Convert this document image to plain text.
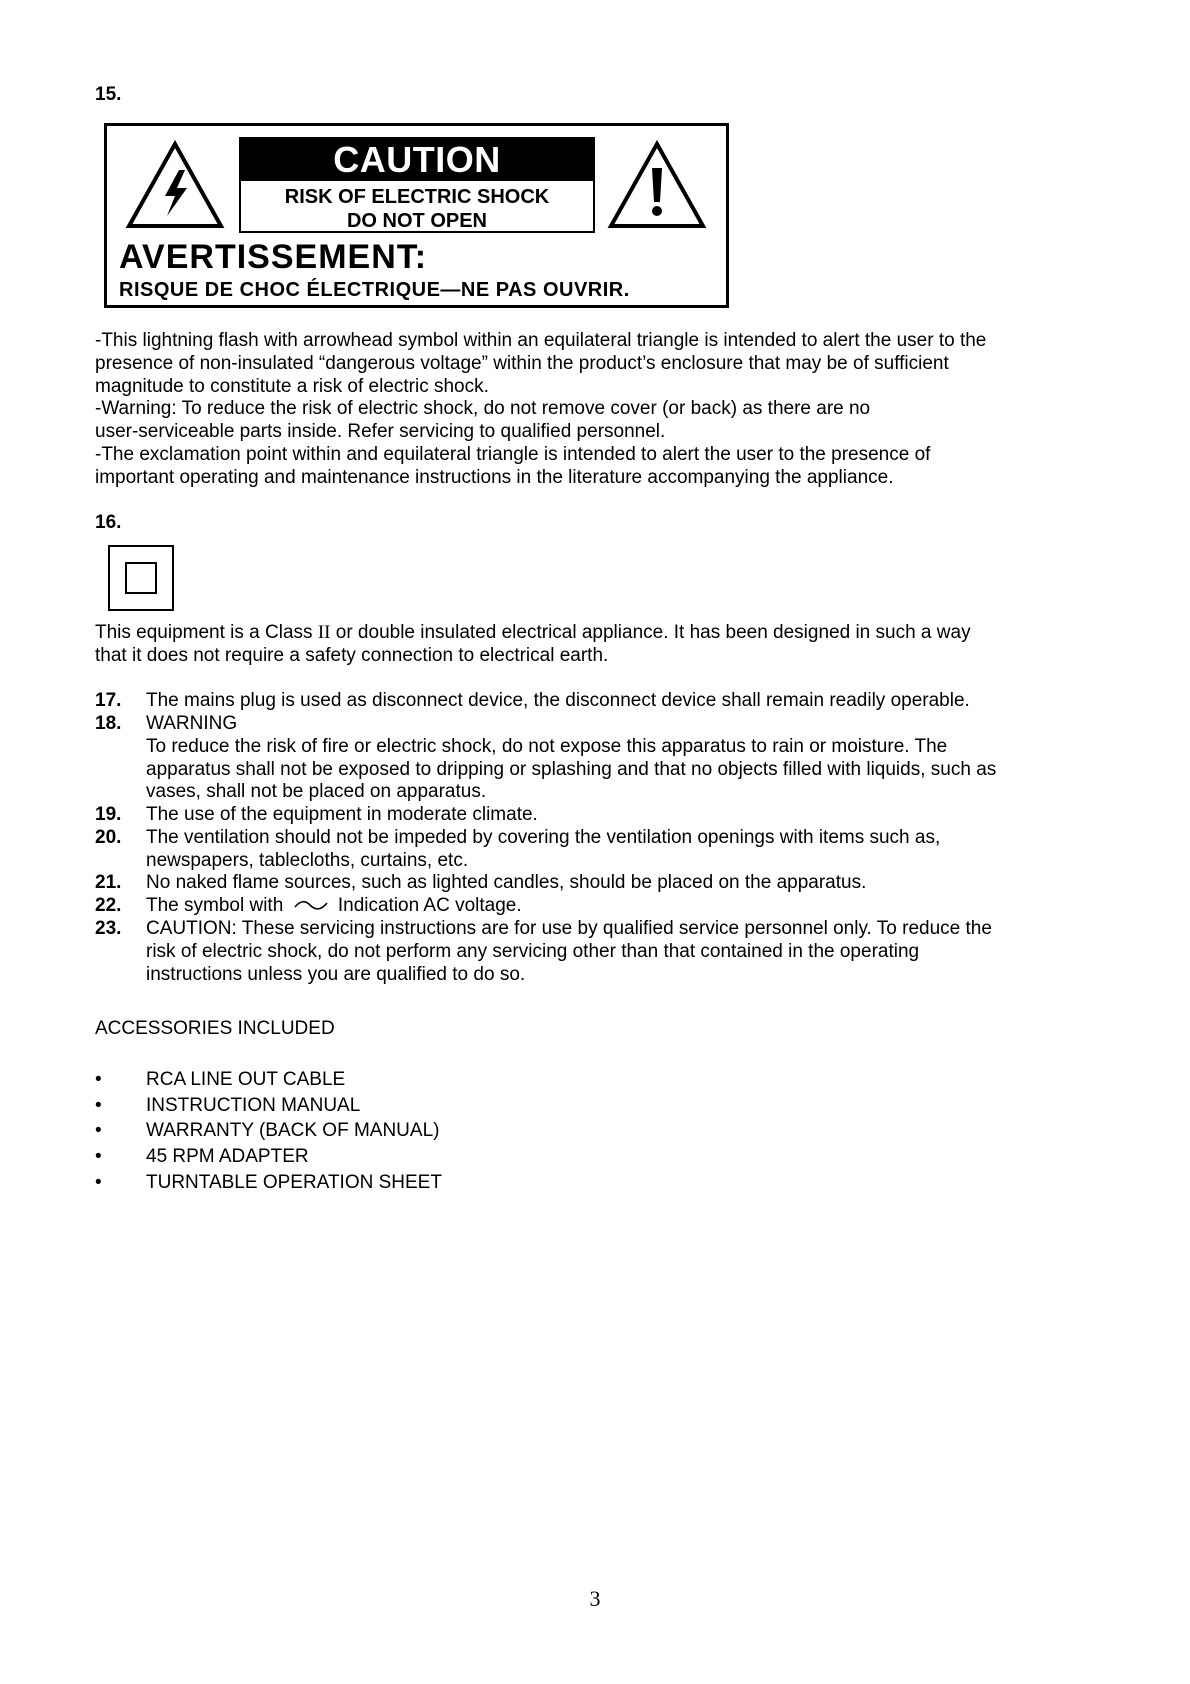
15.
CAUTION
RISK OF ELECTRIC SHOCK
DO NOT OPEN
AVERTISSEMENT:
RISQUE DE CHOC ÉLECTRIQUE—NE PAS OUVRIR.
-This lightning flash with arrowhead symbol within an equilateral triangle is intended to alert the user to the
presence of non-insulated “dangerous voltage” within the product’s enclosure that may be of sufficient
magnitude to constitute a risk of electric shock.
-Warning: To reduce the risk of electric shock, do not remove cover (or back) as there are no
user-serviceable parts inside. Refer servicing to qualified personnel.
-The exclamation point within and equilateral triangle is intended to alert the user to the presence of
important operating and maintenance instructions in the literature accompanying the appliance.
16.
This equipment is a Class II or double insulated electrical appliance. It has been designed in such a way
that it does not require a safety connection to electrical earth.
17. The mains plug is used as disconnect device, the disconnect device shall remain readily operable.
18. WARNING
To reduce the risk of fire or electric shock, do not expose this apparatus to rain or moisture. The
apparatus shall not be exposed to dripping or splashing and that no objects filled with liquids, such as
vases, shall not be placed on apparatus.
19. The use of the equipment in moderate climate.
20. The ventilation should not be impeded by covering the ventilation openings with items such as,
newspapers, tablecloths, curtains, etc.
21. No naked flame sources, such as lighted candles, should be placed on the apparatus.
22. The symbol with	Indication AC voltage.
23. CAUTION: These servicing instructions are for use by qualified service personnel only. To reduce the
risk of electric shock, do not perform any servicing other than that contained in the operating
instructions unless you are qualified to do so.
ACCESSORIES INCLUDED
• RCA LINE OUT CABLE
• INSTRUCTION MANUAL
• WARRANTY (BACK OF MANUAL)
• 45 RPM ADAPTER
• TURNTABLE OPERATION SHEET
3
